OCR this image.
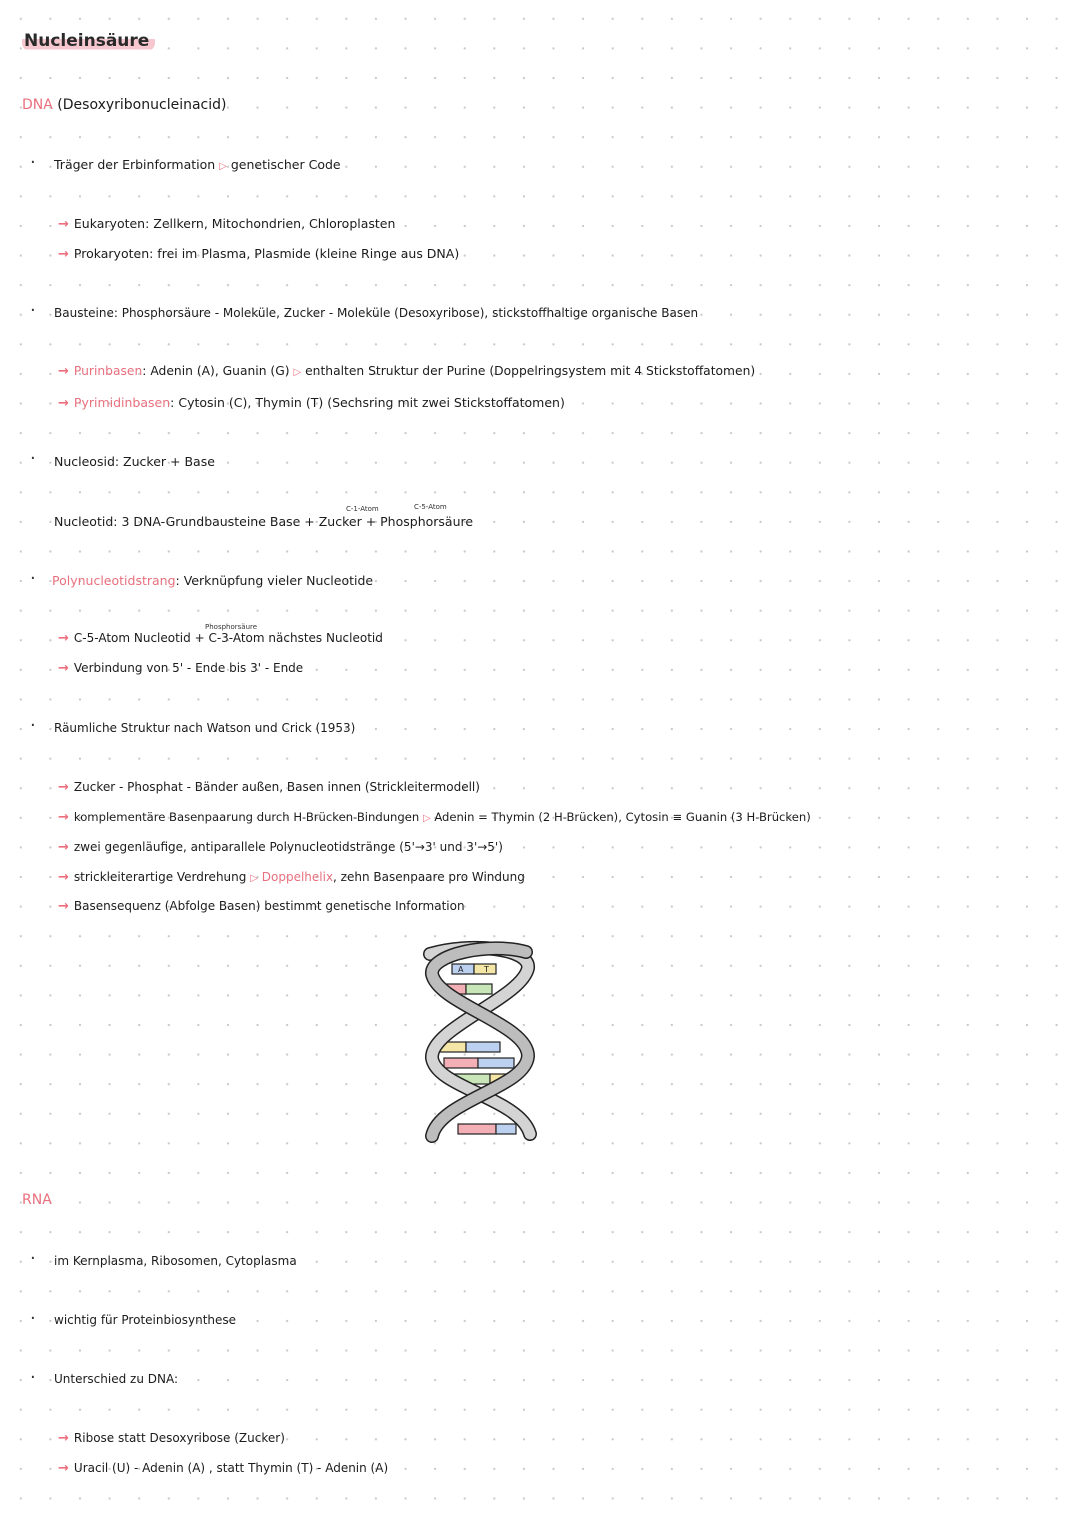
Nucleinsäure
DNA (Desoxyribonucleinacid)
· Träger der Erbinformation ▷ genetischer Code
→ Eukaryoten: Zellkern, Mitochondrien, Chloroplasten
→ Prokaryoten: frei im Plasma, Plasmide (kleine Ringe aus DNA)
· Bausteine: Phosphorsäure - Moleküle, Zucker - Moleküle (Desoxyribose), stickstoffhaltige organische Basen
→ Purinbasen: Adenin (A), Guanin (G) ▷ enthalten Struktur der Purine (Doppelringsystem mit 4 Stickstoffatomen)
→ Pyrimidinbasen: Cytosin (C), Thymin (T) (Sechsring mit zwei Stickstoffatomen)
· Nucleosid: Zucker + Base
C-1-Atom	C-5-Atom
Nucleotid: 3 DNA-Grundbausteine Base + Zucker + Phosphorsäure
· Polynucleotidstrang: Verknüpfung vieler Nucleotide
Phosphorsäure
→ C-5-Atom Nucleotid + C-3-Atom nächstes Nucleotid
→ Verbindung von 5' - Ende bis 3' - Ende
· Räumliche Struktur nach Watson und Crick (1953)
→ Zucker - Phosphat - Bänder außen, Basen innen (Strickleitermodell)
→ komplementäre Basenpaarung durch H-Brücken-Bindungen ▷ Adenin = Thymin (2 H-Brücken), Cytosin ≡ Guanin (3 H-Brücken)
→ zwei gegenläufige, antiparallele Polynucleotidstränge (5'→3' und 3'→5')
→ strickleiterartige Verdrehung ▷ Doppelhelix, zehn Basenpaare pro Windung
→ Basensequenz (Abfolge Basen) bestimmt genetische Information
A	T
RNA
· im Kernplasma, Ribosomen, Cytoplasma
· wichtig für Proteinbiosynthese
· Unterschied zu DNA:
→ Ribose statt Desoxyribose (Zucker)
→ Uracil (U) - Adenin (A) , statt Thymin (T) - Adenin (A)
